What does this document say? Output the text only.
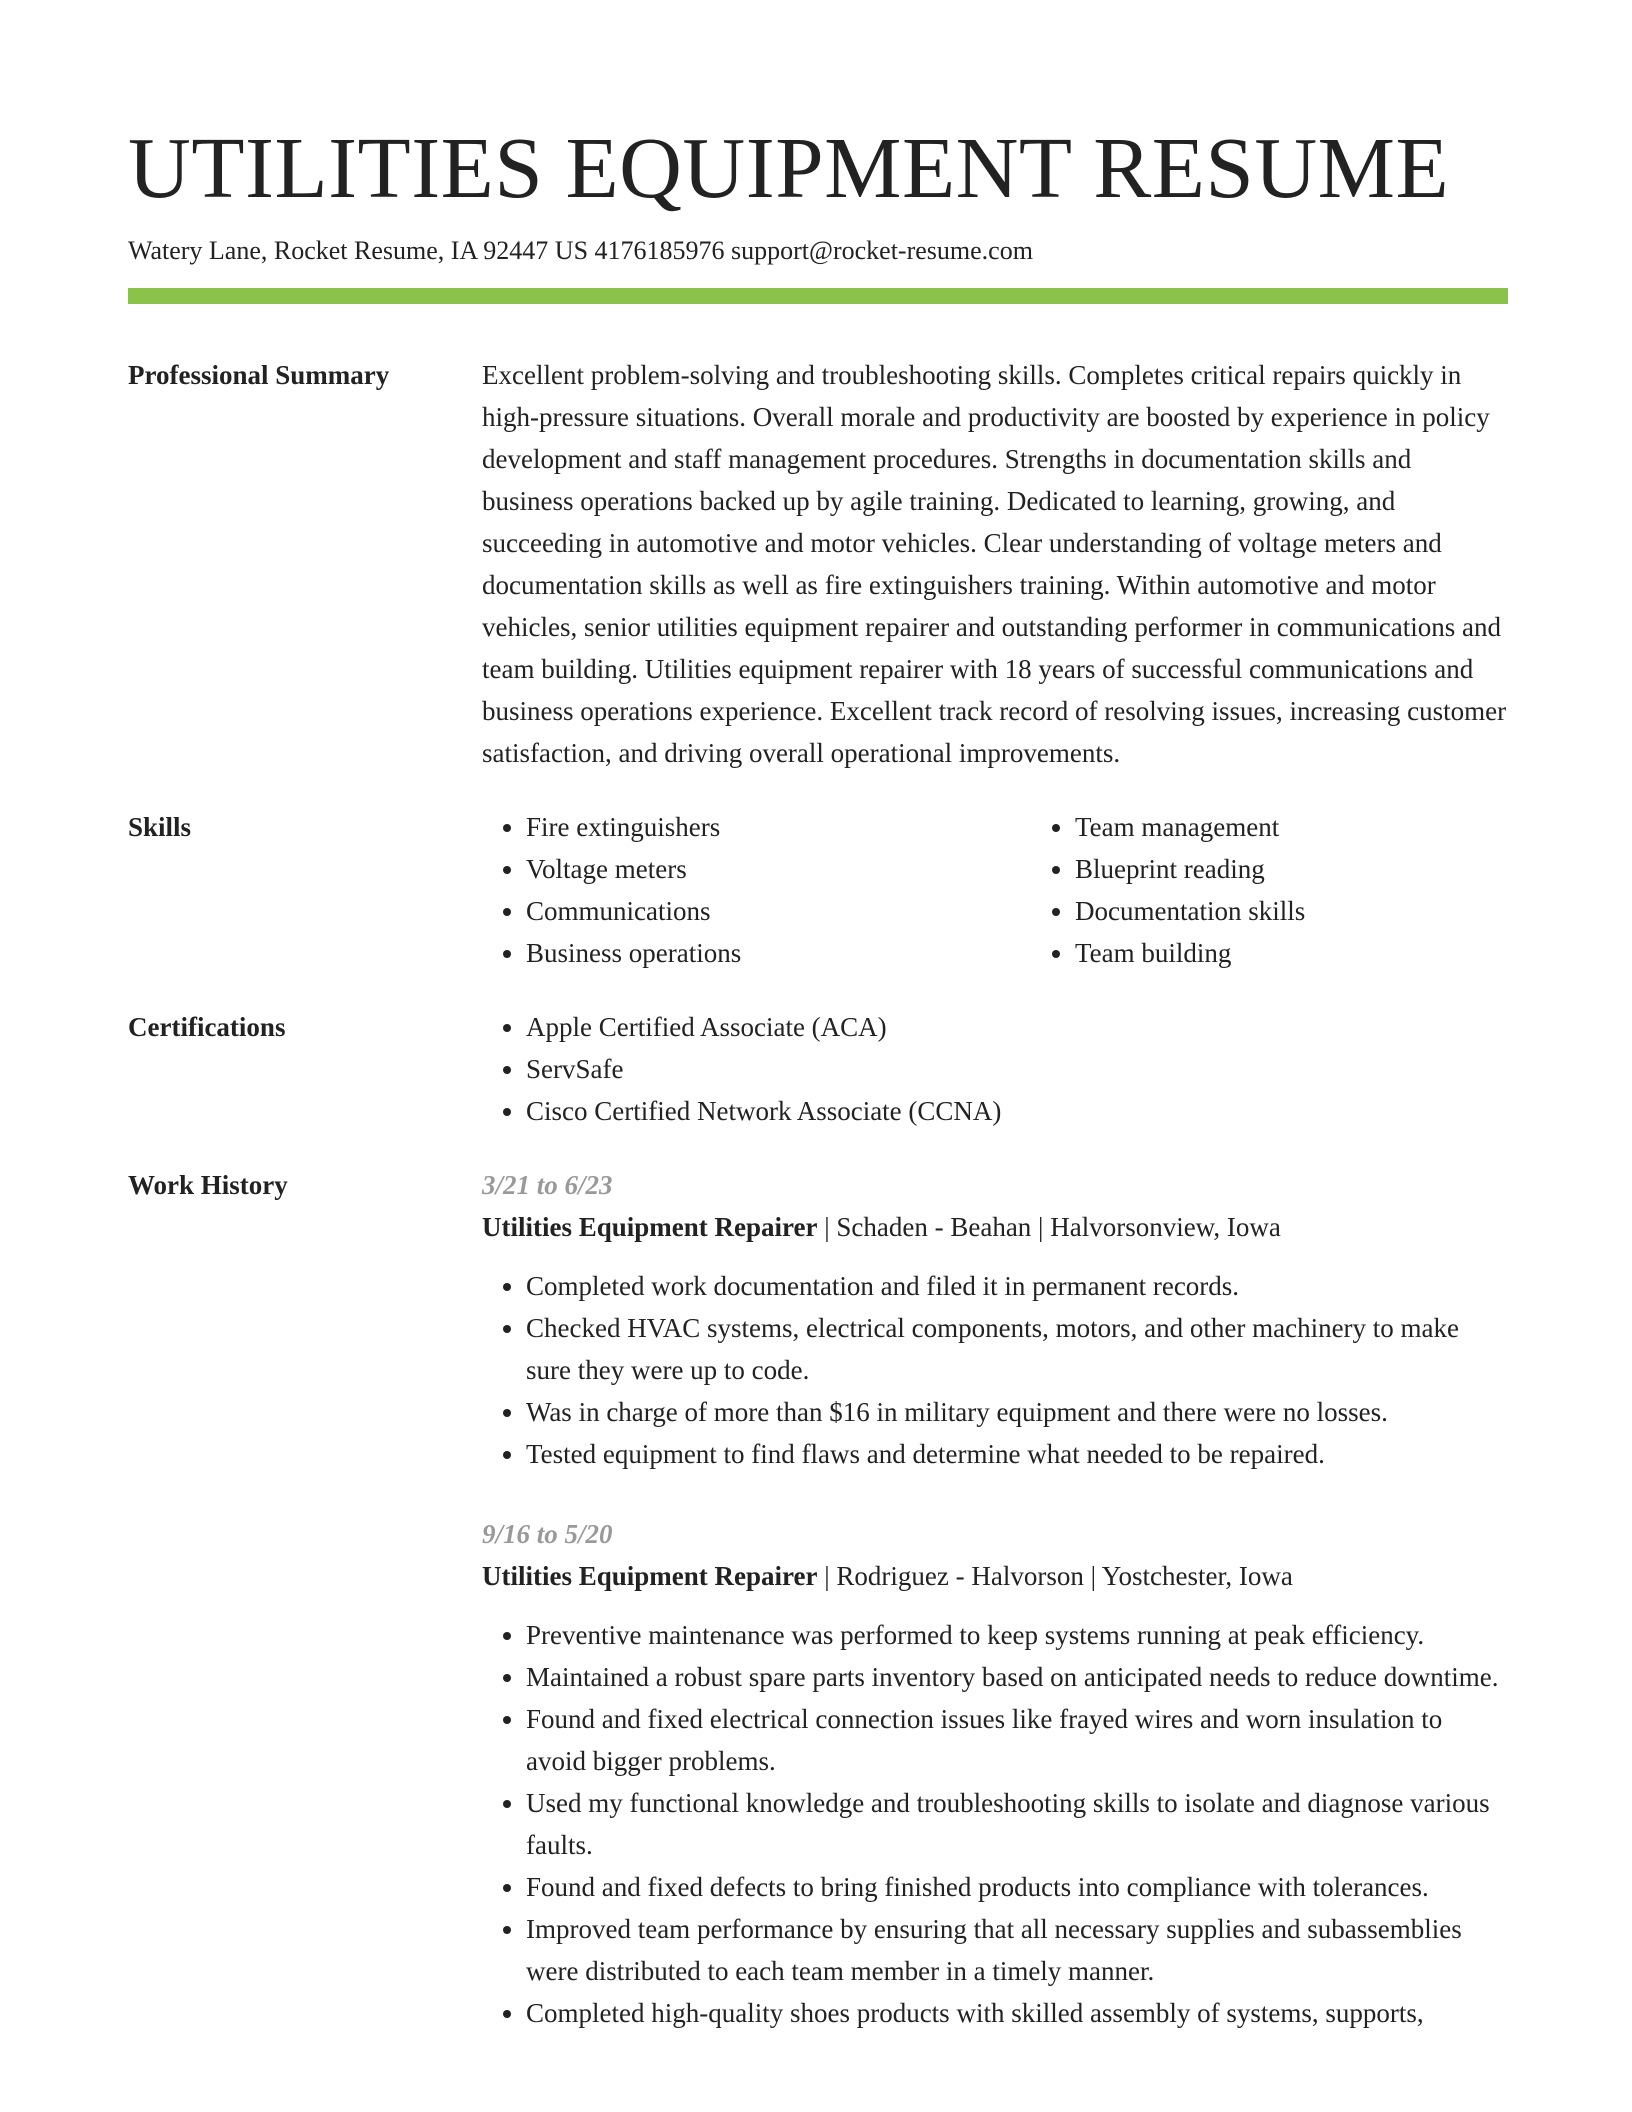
UTILITIES EQUIPMENT RESUME
Watery Lane, Rocket Resume, IA 92447 US 4176185976 support@rocket-resume.com
Professional Summary	Excellent problem-solving and troubleshooting skills. Completes critical repairs quickly in high-pressure situations. Overall morale and productivity are boosted by experience in policy development and staff management procedures. Strengths in documentation skills and business operations backed up by agile training. Dedicated to learning, growing, and succeeding in automotive and motor vehicles. Clear understanding of voltage meters and documentation skills as well as fire extinguishers training. Within automotive and motor vehicles, senior utilities equipment repairer and outstanding performer in communications and team building. Utilities equipment repairer with 18 years of successful communications and business operations experience. Excellent track record of resolving issues, increasing customer satisfaction, and driving overall operational improvements.
Skills	• Fire extinguishers
• Voltage meters
• Communications
• Business operations
• Team management
• Blueprint reading
• Documentation skills
• Team building
Certifications	• Apple Certified Associate (ACA)
• ServSafe
• Cisco Certified Network Associate (CCNA)
Work History	3/21 to 6/23
Utilities Equipment Repairer | Schaden - Beahan | Halvorsonview, Iowa
• Completed work documentation and filed it in permanent records.
• Checked HVAC systems, electrical components, motors, and other machinery to make sure they were up to code.
• Was in charge of more than $16 in military equipment and there were no losses.
• Tested equipment to find flaws and determine what needed to be repaired.
9/16 to 5/20
Utilities Equipment Repairer | Rodriguez - Halvorson | Yostchester, Iowa
• Preventive maintenance was performed to keep systems running at peak efficiency.
• Maintained a robust spare parts inventory based on anticipated needs to reduce downtime.
• Found and fixed electrical connection issues like frayed wires and worn insulation to avoid bigger problems.
• Used my functional knowledge and troubleshooting skills to isolate and diagnose various faults.
• Found and fixed defects to bring finished products into compliance with tolerances.
• Improved team performance by ensuring that all necessary supplies and subassemblies were distributed to each team member in a timely manner.
• Completed high-quality shoes products with skilled assembly of systems, supports,
